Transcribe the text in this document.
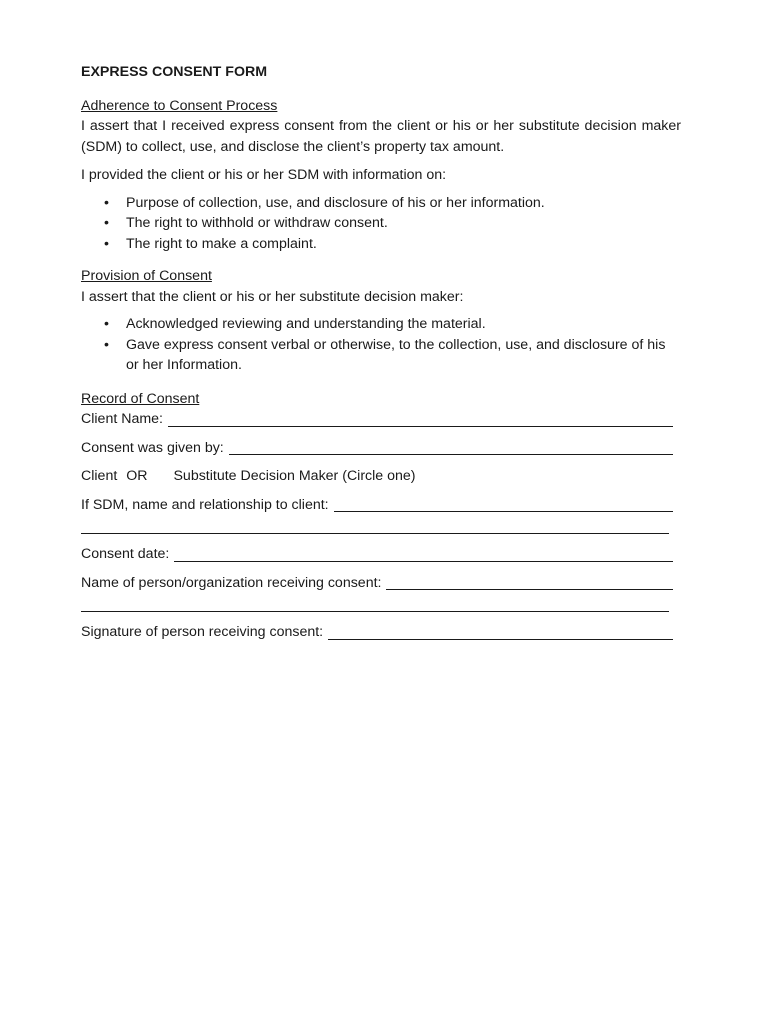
EXPRESS CONSENT FORM
Adherence to Consent Process
I assert that I received express consent from the client or his or her substitute decision maker (SDM) to collect, use, and disclose the client’s property tax amount.
I provided the client or his or her SDM with information on:
• Purpose of collection, use, and disclosure of his or her information.
• The right to withhold or withdraw consent.
• The right to make a complaint.
Provision of Consent
I assert that the client or his or her substitute decision maker:
• Acknowledged reviewing and understanding the material.
• Gave express consent verbal or otherwise, to the collection, use, and disclosure of his or her Information.
Record of Consent
Client Name:
Consent was given by:
Client OR Substitute Decision Maker (Circle one)
If SDM, name and relationship to client:
Consent date:
Name of person/organization receiving consent:
Signature of person receiving consent:
